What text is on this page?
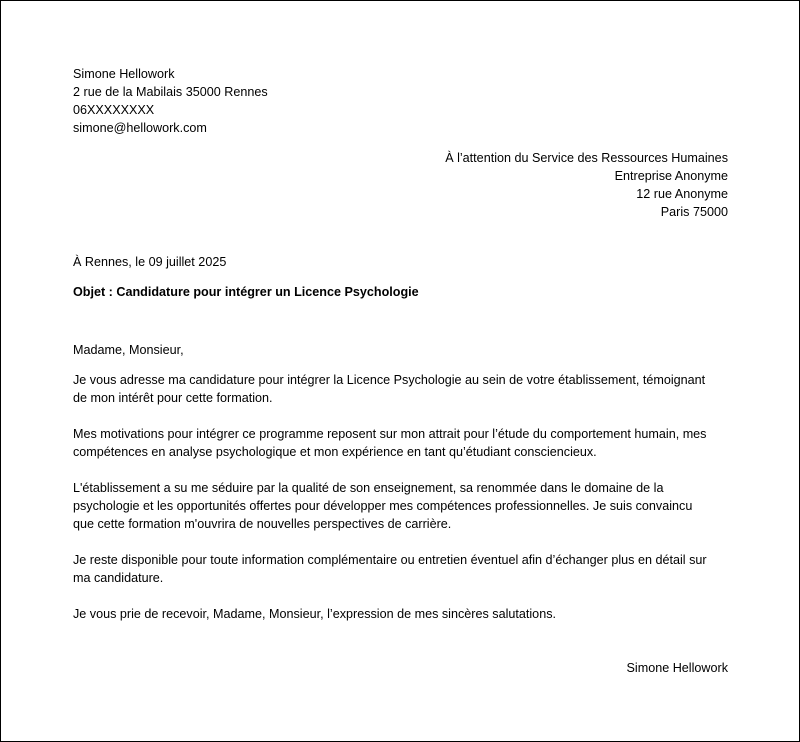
Simone Hellowork
2 rue de la Mabilais 35000 Rennes
06XXXXXXXX
simone@hellowork.com
À l’attention du Service des Ressources Humaines
Entreprise Anonyme
12 rue Anonyme
Paris 75000
À Rennes, le 09 juillet 2025
Objet : Candidature pour intégrer un Licence Psychologie
Madame, Monsieur,
Je vous adresse ma candidature pour intégrer la Licence Psychologie au sein de votre établissement, témoignant
de mon intérêt pour cette formation.
Mes motivations pour intégrer ce programme reposent sur mon attrait pour l’étude du comportement humain, mes
compétences en analyse psychologique et mon expérience en tant qu’étudiant consciencieux.
L'établissement a su me séduire par la qualité de son enseignement, sa renommée dans le domaine de la
psychologie et les opportunités offertes pour développer mes compétences professionnelles. Je suis convaincu
que cette formation m'ouvrira de nouvelles perspectives de carrière.
Je reste disponible pour toute information complémentaire ou entretien éventuel afin d’échanger plus en détail sur
ma candidature.
Je vous prie de recevoir, Madame, Monsieur, l’expression de mes sincères salutations.
Simone Hellowork
